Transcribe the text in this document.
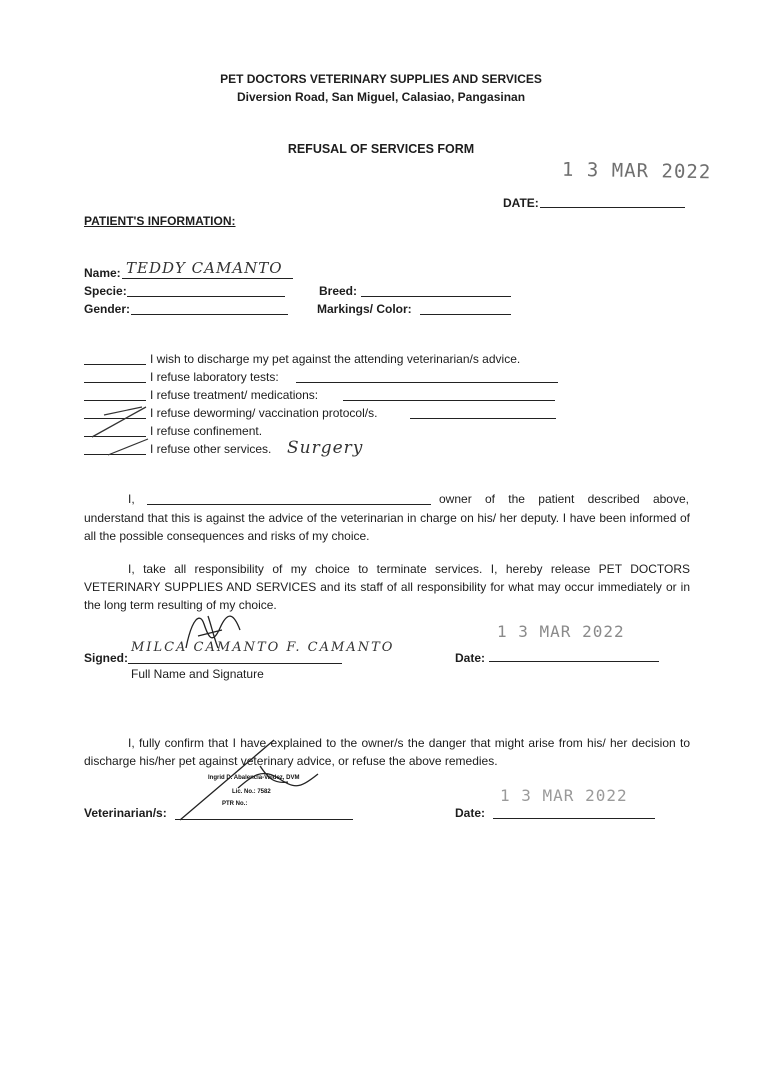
PET DOCTORS VETERINARY SUPPLIES AND SERVICES
Diversion Road, San Miguel, Calasiao, Pangasinan
REFUSAL OF SERVICES FORM
1 3 MAR 2022
DATE:
PATIENT'S INFORMATION:
Name: TEDDY CAMANTO
Specie:	Breed:
Gender:	Markings/ Color:
I wish to discharge my pet against the attending veterinarian/s advice.
I refuse laboratory tests:
I refuse treatment/ medications:
I refuse deworming/ vaccination protocol/s.
I refuse confinement.
I refuse other services. Surgery
I,	owner of the patient described above,
understand that this is against the advice of the veterinarian in charge on his/ her deputy. I have been informed of all the possible consequences and risks of my choice.
I, take all responsibility of my choice to terminate services. I, hereby release PET DOCTORS VETERINARY SUPPLIES AND SERVICES and its staff of all responsibility for what may occur immediately or in the long term resulting of my choice.
Signed:
MILCA CAMANTO F. CAMANTO
Full Name and Signature
1 3 MAR 2022
Date:
I, fully confirm that I have explained to the owner/s the danger that might arise from his/ her decision to discharge his/her pet against veterinary advice, or refuse the above remedies.
Ingrid D. Abalencia-Valdez, DVM
Lic. No.: 7582
PTR No.:
Veterinarian/s:
1 3 MAR 2022
Date:
